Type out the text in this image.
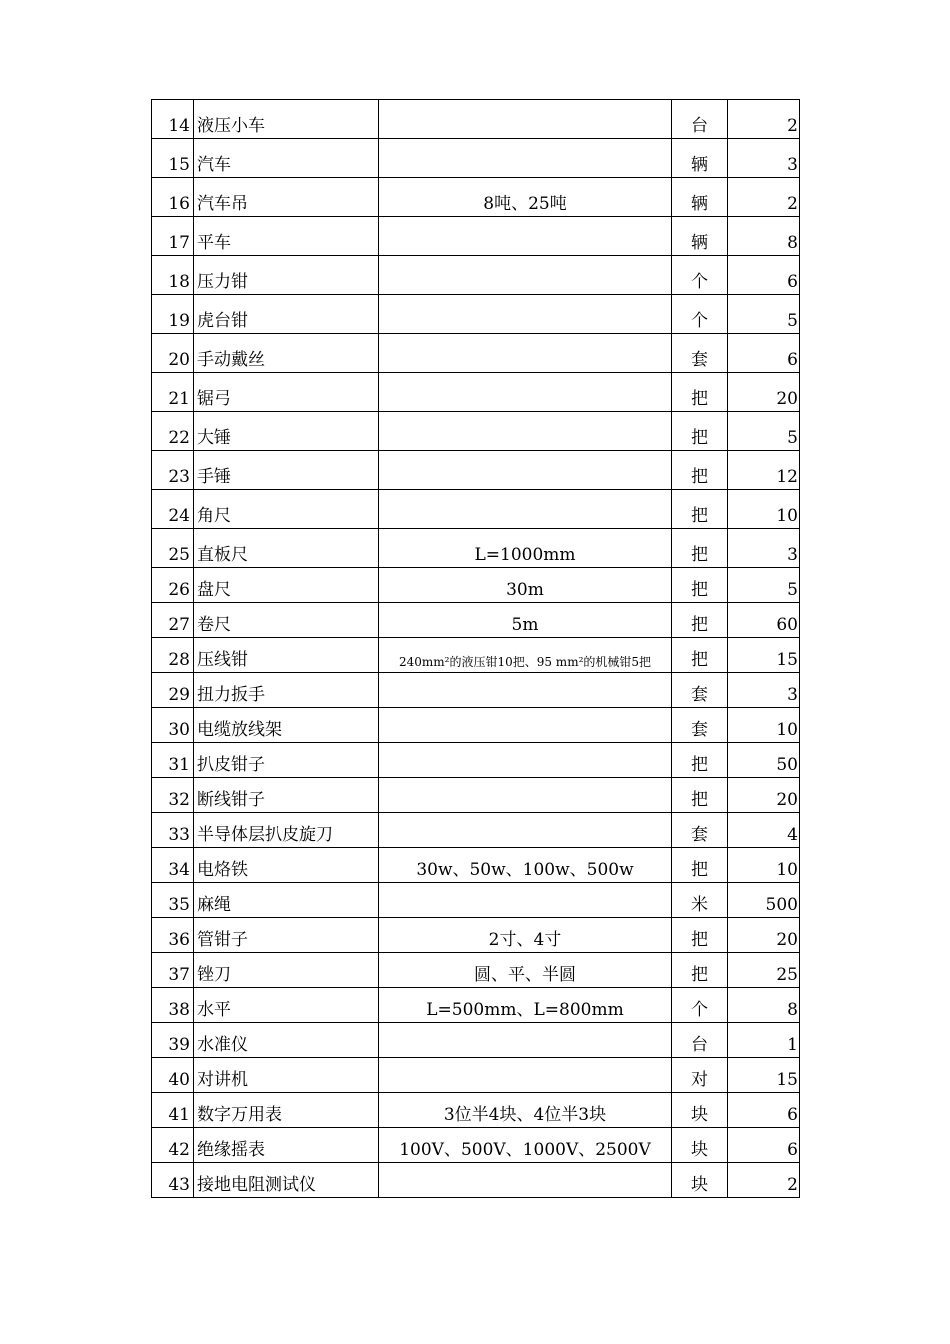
14	液压小车		台	2
15	汽车		辆	3
16	汽车吊	8吨、25吨	辆	2
17	平车		辆	8
18	压力钳		个	6
19	虎台钳		个	5
20	手动戴丝		套	6
21	锯弓		把	20
22	大锤		把	5
23	手锤		把	12
24	角尺		把	10
25	直板尺	L=1000mm	把	3
26	盘尺	30m	把	5
27	卷尺	5m	把	60
28	压线钳	240mm²的液压钳10把、95 mm²的机械钳5把	把	15
29	扭力扳手		套	3
30	电缆放线架		套	10
31	扒皮钳子		把	50
32	断线钳子		把	20
33	半导体层扒皮旋刀		套	4
34	电烙铁	30w、50w、100w、500w	把	10
35	麻绳		米	500
36	管钳子	2寸、4寸	把	20
37	锉刀	圆、平、半圆	把	25
38	水平	L=500mm、L=800mm	个	8
39	水准仪		台	1
40	对讲机		对	15
41	数字万用表	3位半4块、4位半3块	块	6
42	绝缘摇表	100V、500V、1000V、2500V	块	6
43	接地电阻测试仪		块	2
